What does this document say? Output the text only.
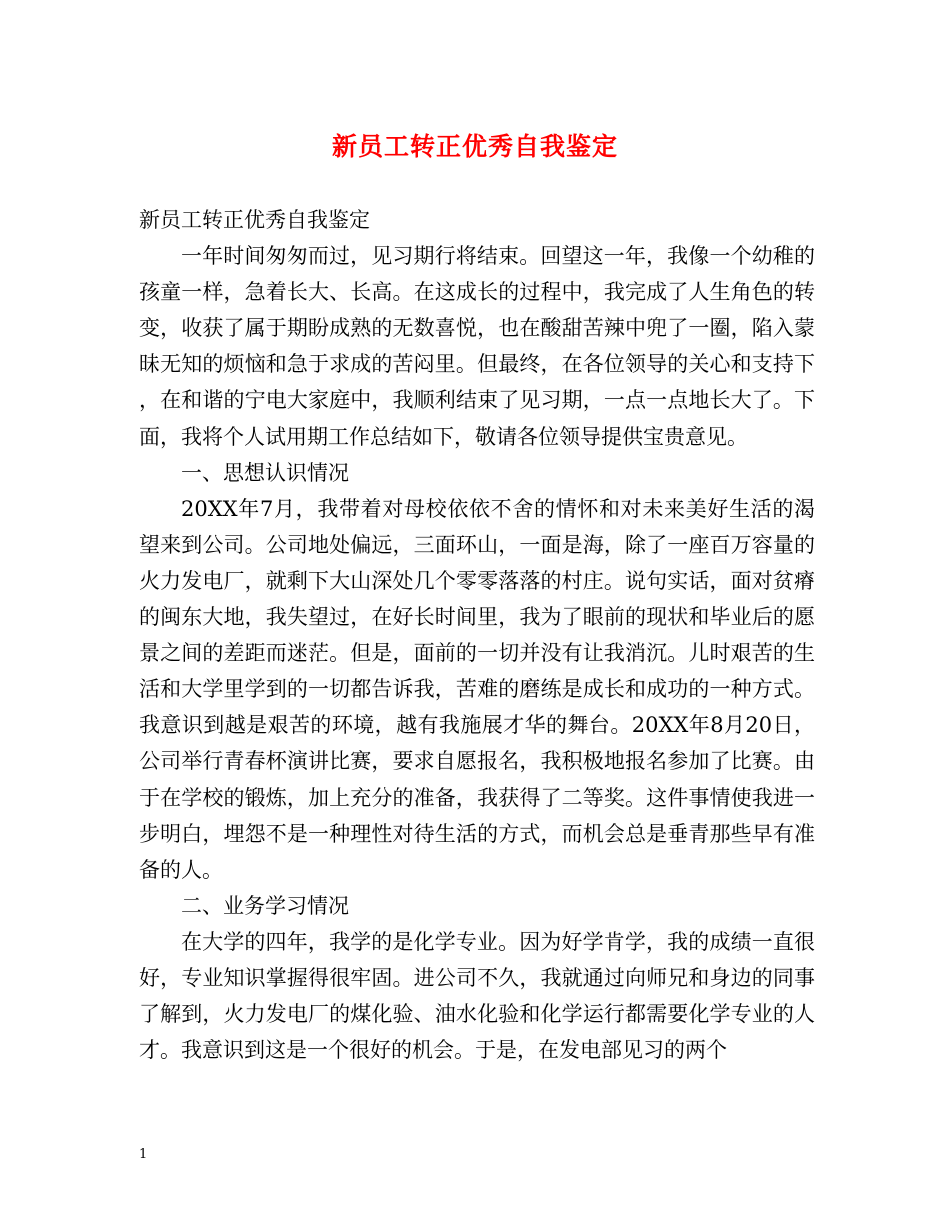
新员工转正优秀自我鉴定

新员工转正优秀自我鉴定

一年时间匆匆而过，见习期行将结束。回望这一年，我像一个幼稚的孩童一样，急着长大、长高。在这成长的过程中，我完成了人生角色的转变，收获了属于期盼成熟的无数喜悦，也在酸甜苦辣中兜了一圈，陷入蒙昧无知的烦恼和急于求成的苦闷里。但最终，在各位领导的关心和支持下，在和谐的宁电大家庭中，我顺利结束了见习期，一点一点地长大了。下面，我将个人试用期工作总结如下，敬请各位领导提供宝贵意见。

一、思想认识情况

20XX年7月，我带着对母校依依不舍的情怀和对未来美好生活的渴望来到公司。公司地处偏远，三面环山，一面是海，除了一座百万容量的火力发电厂，就剩下大山深处几个零零落落的村庄。说句实话，面对贫瘠的闽东大地，我失望过，在好长时间里，我为了眼前的现状和毕业后的愿景之间的差距而迷茫。但是，面前的一切并没有让我消沉。儿时艰苦的生活和大学里学到的一切都告诉我，苦难的磨练是成长和成功的一种方式。我意识到越是艰苦的环境，越有我施展才华的舞台。20XX年8月20日，公司举行青春杯演讲比赛，要求自愿报名，我积极地报名参加了比赛。由于在学校的锻炼，加上充分的准备，我获得了二等奖。这件事情使我进一步明白，埋怨不是一种理性对待生活的方式，而机会总是垂青那些早有准备的人。

二、业务学习情况

在大学的四年，我学的是化学专业。因为好学肯学，我的成绩一直很好，专业知识掌握得很牢固。进公司不久，我就通过向师兄和身边的同事了解到，火力发电厂的煤化验、油水化验和化学运行都需要化学专业的人才。我意识到这是一个很好的机会。于是，在发电部见习的两个

1
